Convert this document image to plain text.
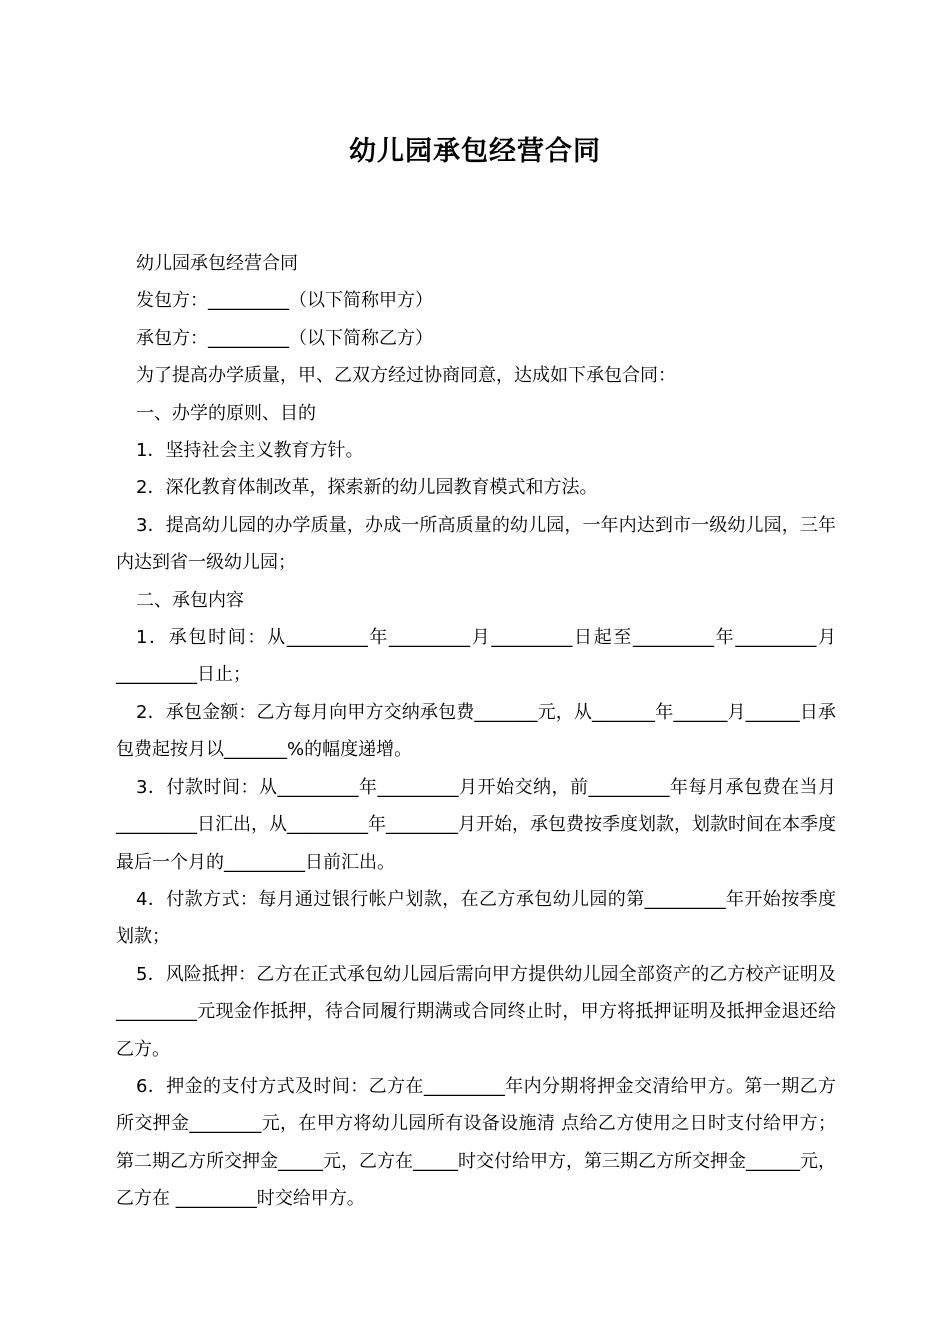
幼儿园承包经营合同

幼儿园承包经营合同

发包方：_________（以下简称甲方）

承包方：_________（以下简称乙方）

为了提高办学质量，甲、乙双方经过协商同意，达成如下承包合同：

一、办学的原则、目的

1．坚持社会主义教育方针。

2．深化教育体制改革，探索新的幼儿园教育模式和方法。

3．提高幼儿园的办学质量，办成一所高质量的幼儿园，一年内达到市一级幼儿园，三年内达到省一级幼儿园；

二、承包内容

1．承包时间：从_________年_________月_________日起至_________年_________月_________日止；

2．承包金额：乙方每月向甲方交纳承包费_______元，从_______年______月______日承包费起按月以_______%的幅度递增。

3．付款时间：从_________年_________月开始交纳，前_________年每月承包费在当月_________日汇出，从_________年________月开始，承包费按季度划款，划款时间在本季度最后一个月的_________日前汇出。

4．付款方式：每月通过银行帐户划款，在乙方承包幼儿园的第_________年开始按季度划款；

5．风险抵押：乙方在正式承包幼儿园后需向甲方提供幼儿园全部资产的乙方校产证明及_________元现金作抵押，待合同履行期满或合同终止时，甲方将抵押证明及抵押金退还给乙方。

6．押金的支付方式及时间：乙方在_________年内分期将押金交清给甲方。第一期乙方所交押金________元，在甲方将幼儿园所有设备设施清 点给乙方使用之日时支付给甲方；第二期乙方所交押金_____元，乙方在_____时交付给甲方，第三期乙方所交押金______元，乙方在 _________时交给甲方。
